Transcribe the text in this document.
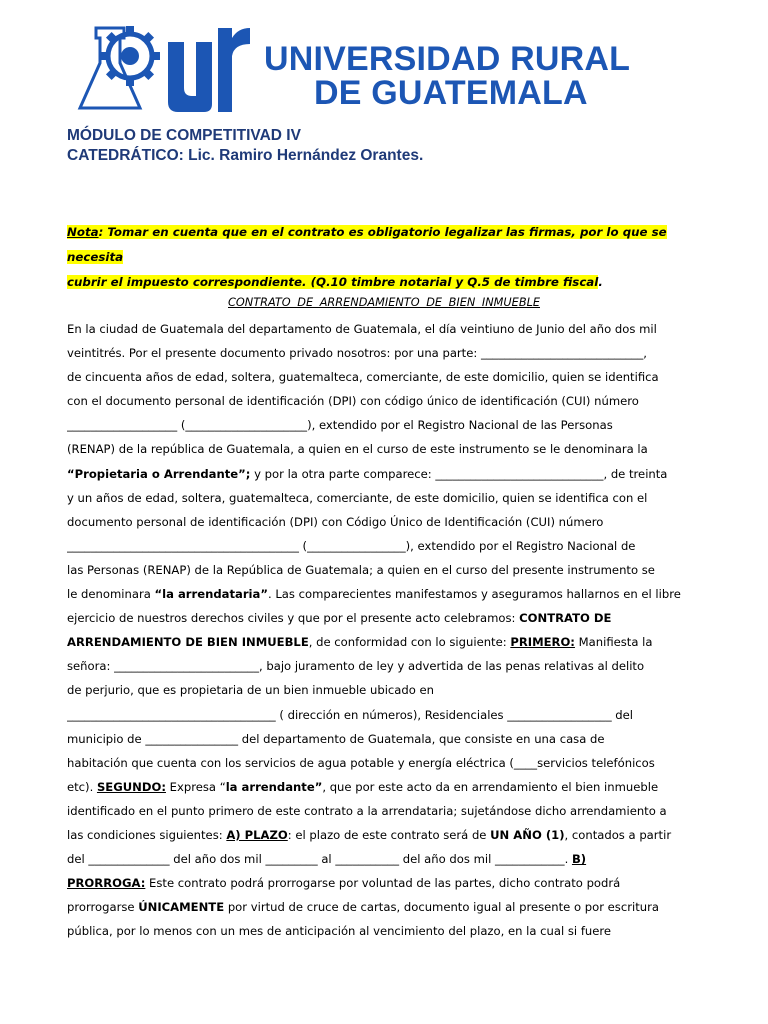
UNIVERSIDAD RURAL
DE GUATEMALA
MÓDULO DE COMPETITIVAD IV
CATEDRÁTICO: Lic. Ramiro Hernández Orantes.
Nota: Tomar en cuenta que en el contrato es obligatorio legalizar las firmas, por lo que se necesita
cubrir el impuesto correspondiente. (Q.10 timbre notarial y Q.5 de timbre fiscal.
CONTRATO DE ARRENDAMIENTO DE BIEN INMUEBLE
En la ciudad de Guatemala del departamento de Guatemala, el día veintiuno de Junio del año dos mil
veintitrés. Por el presente documento privado nosotros: por una parte: ____________________________,
de cincuenta años de edad, soltera, guatemalteca, comerciante, de este domicilio, quien se identifica
con el documento personal de identificación (DPI) con código único de identificación (CUI) número
___________________ (_____________________), extendido por el Registro Nacional de las Personas
(RENAP) de la república de Guatemala, a quien en el curso de este instrumento se le denominara la
“Propietaria o Arrendante”; y por la otra parte comparece: _____________________________, de treinta
y un años de edad, soltera, guatemalteca, comerciante, de este domicilio, quien se identifica con el
documento personal de identificación (DPI) con Código Único de Identificación (CUI) número
________________________________________ (_________________), extendido por el Registro Nacional de
las Personas (RENAP) de la República de Guatemala; a quien en el curso del presente instrumento se
le denominara “la arrendataria”. Las comparecientes manifestamos y aseguramos hallarnos en el libre
ejercicio de nuestros derechos civiles y que por el presente acto celebramos: CONTRATO DE
ARRENDAMIENTO DE BIEN INMUEBLE, de conformidad con lo siguiente: PRIMERO: Manifiesta la
señora: _________________________, bajo juramento de ley y advertida de las penas relativas al delito
de perjurio, que es propietaria de un bien inmueble ubicado en
____________________________________ ( dirección en números), Residenciales __________________ del
municipio de ________________ del departamento de Guatemala, que consiste en una casa de
habitación que cuenta con los servicios de agua potable y energía eléctrica (____servicios telefónicos
etc). SEGUNDO: Expresa “la arrendante”, que por este acto da en arrendamiento el bien inmueble
identificado en el punto primero de este contrato a la arrendataria; sujetándose dicho arrendamiento a
las condiciones siguientes: A) PLAZO: el plazo de este contrato será de UN AÑO (1), contados a partir
del ______________ del año dos mil _________ al ___________ del año dos mil ____________. B)
PRORROGA: Este contrato podrá prorrogarse por voluntad de las partes, dicho contrato podrá
prorrogarse ÚNICAMENTE por virtud de cruce de cartas, documento igual al presente o por escritura
pública, por lo menos con un mes de anticipación al vencimiento del plazo, en la cual si fuere
